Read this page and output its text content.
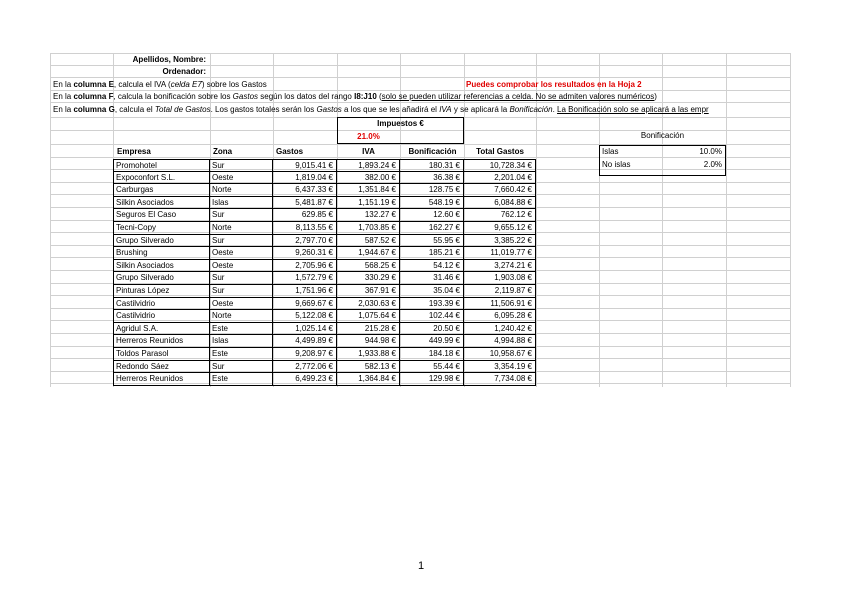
Apellidos, Nombre:
Ordenador:
En la columna E, calcula el IVA (celda E7) sobre los Gastos	Puedes comprobar los resultados en la Hoja 2
En la columna F, calcula la bonificación sobre los Gastos según los datos del rango I8:J10 (solo se pueden utilizar referencias a celda. No se admiten valores numéricos)
En la columna G, calcula el Total de Gastos. Los gastos totales serán los Gastos a los que se les añadirá el IVA y se aplicará la Bonificación. La Bonificación solo se aplicará a las empr
Impuestos €
21.0%
Empresa	Zona	Gastos	IVA	Bonificación	Total Gastos
Promohotel	Sur	9,015.41 €	1,893.24 €	180.31 €	10,728.34 €
Expoconfort S.L.	Oeste	1,819.04 €	382.00 €	36.38 €	2,201.04 €
Carburgas	Norte	6,437.33 €	1,351.84 €	128.75 €	7,660.42 €
Silkin Asociados	Islas	5,481.87 €	1,151.19 €	548.19 €	6,084.88 €
Seguros El Caso	Sur	629.85 €	132.27 €	12.60 €	762.12 €
Tecni-Copy	Norte	8,113.55 €	1,703.85 €	162.27 €	9,655.12 €
Grupo Silverado	Sur	2,797.70 €	587.52 €	55.95 €	3,385.22 €
Brushing	Oeste	9,260.31 €	1,944.67 €	185.21 €	11,019.77 €
Silkin Asociados	Oeste	2,705.96 €	568.25 €	54.12 €	3,274.21 €
Grupo Silverado	Sur	1,572.79 €	330.29 €	31.46 €	1,903.08 €
Pinturas López	Sur	1,751.96 €	367.91 €	35.04 €	2,119.87 €
Castilvidrio	Oeste	9,669.67 €	2,030.63 €	193.39 €	11,506.91 €
Castilvidrio	Norte	5,122.08 €	1,075.64 €	102.44 €	6,095.28 €
Agridul S.A.	Este	1,025.14 €	215.28 €	20.50 €	1,240.42 €
Herreros Reunidos	Islas	4,499.89 €	944.98 €	449.99 €	4,994.88 €
Toldos Parasol	Este	9,208.97 €	1,933.88 €	184.18 €	10,958.67 €
Redondo Sáez	Sur	2,772.06 €	582.13 €	55.44 €	3,354.19 €
Herreros Reunidos	Este	6,499.23 €	1,364.84 €	129.98 €	7,734.08 €
Bonificación
Islas	10.0%
No islas	2.0%
1
